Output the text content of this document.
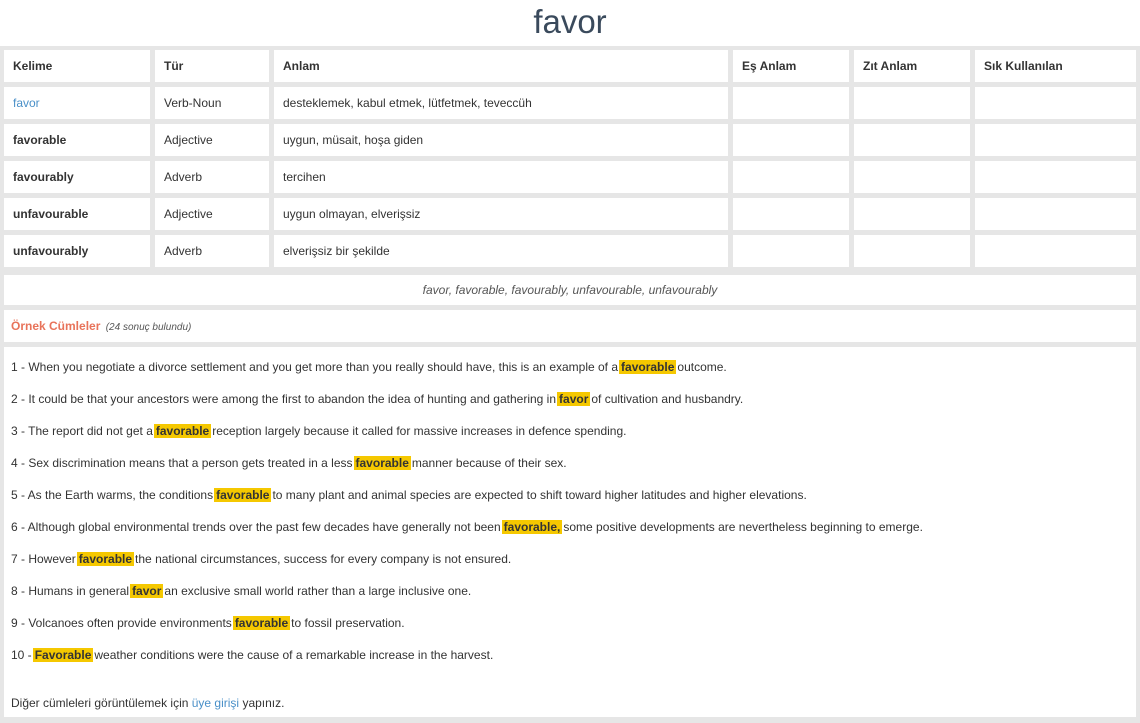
favor
Kelime	Tür	Anlam	Eş Anlam	Zıt Anlam	Sık Kullanılan
favor	Verb-Noun	desteklemek, kabul etmek, lütfetmek, teveccüh
favorable	Adjective	uygun, müsait, hoşa giden
favourably	Adverb	tercihen
unfavourable	Adjective	uygun olmayan, elverişsiz
unfavourably	Adverb	elverişsiz bir şekilde
favor, favorable, favourably, unfavourable, unfavourably
Örnek Cümleler (24 sonuç bulundu)
1 - When you negotiate a divorce settlement and you get more than you really should have, this is an example of a favorable outcome.
2 - It could be that your ancestors were among the first to abandon the idea of hunting and gathering in favor of cultivation and husbandry.
3 - The report did not get a favorable reception largely because it called for massive increases in defence spending.
4 - Sex discrimination means that a person gets treated in a less favorable manner because of their sex.
5 - As the Earth warms, the conditions favorable to many plant and animal species are expected to shift toward higher latitudes and higher elevations.
6 - Although global environmental trends over the past few decades have generally not been favorable, some positive developments are nevertheless beginning to emerge.
7 - However favorable the national circumstances, success for every company is not ensured.
8 - Humans in general favor an exclusive small world rather than a large inclusive one.
9 - Volcanoes often provide environments favorable to fossil preservation.
10 - Favorable weather conditions were the cause of a remarkable increase in the harvest.
Diğer cümleleri görüntülemek için üye girişi yapınız.
